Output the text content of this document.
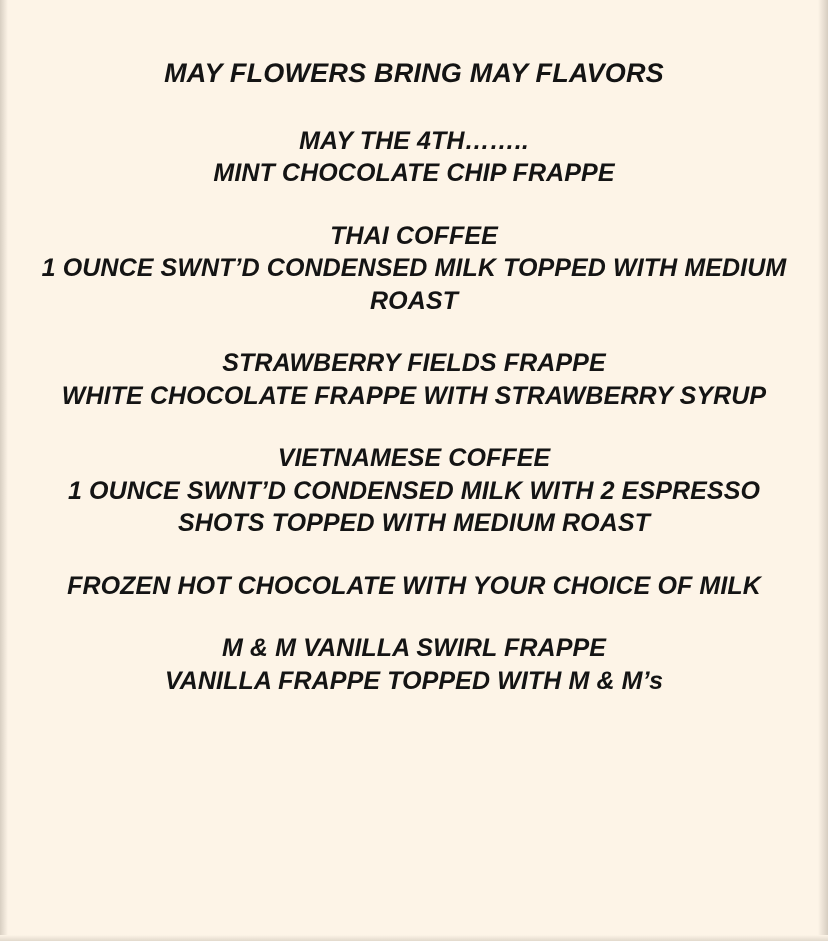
MAY FLOWERS BRING MAY FLAVORS

MAY THE 4TH……..

MINT CHOCOLATE CHIP FRAPPE

THAI COFFEE

1 OUNCE SWNT’D CONDENSED MILK TOPPED WITH MEDIUM ROAST

STRAWBERRY FIELDS FRAPPE

WHITE CHOCOLATE FRAPPE WITH STRAWBERRY SYRUP

VIETNAMESE COFFEE

1 OUNCE SWNT’D CONDENSED MILK WITH 2 ESPRESSO SHOTS TOPPED WITH MEDIUM ROAST

FROZEN HOT CHOCOLATE WITH YOUR CHOICE OF MILK

M & M VANILLA SWIRL FRAPPE

VANILLA FRAPPE TOPPED WITH M & M’s
